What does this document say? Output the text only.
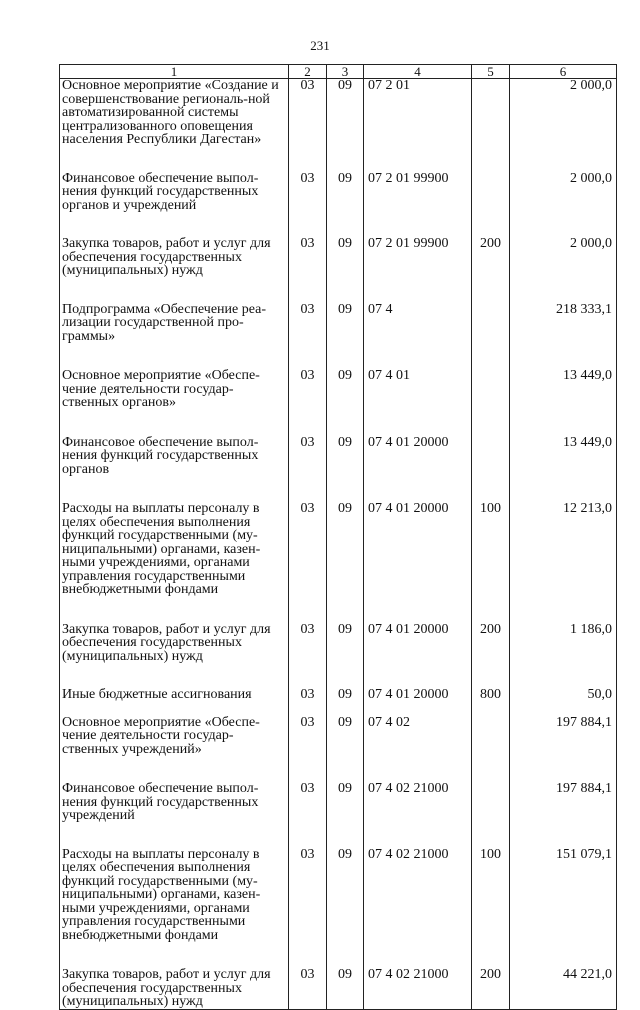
231
1	2	3	4	5	6
Основное мероприятие «Создание и совершенствование региональ-ной автоматизированной системы централизованного оповещения населения Республики Дагестан»	03	09	07 2 01		2 000,0
Финансовое обеспечение выпол-нения функций государственных органов и учреждений	03	09	07 2 01 99900		2 000,0
Закупка товаров, работ и услуг для обеспечения государственных (муниципальных) нужд	03	09	07 2 01 99900	200	2 000,0
Подпрограмма «Обеспечение реа-лизации государственной про-граммы»	03	09	07 4		218 333,1
Основное мероприятие «Обеспе-чение деятельности государ-ственных органов»	03	09	07 4 01		13 449,0
Финансовое обеспечение выпол-нения функций государственных органов	03	09	07 4 01 20000		13 449,0
Расходы на выплаты персоналу в целях обеспечения выполнения функций государственными (му-ниципальными) органами, казен-ными учреждениями, органами управления государственными внебюджетными фондами	03	09	07 4 01 20000	100	12 213,0
Закупка товаров, работ и услуг для обеспечения государственных (муниципальных) нужд	03	09	07 4 01 20000	200	1 186,0
Иные бюджетные ассигнования	03	09	07 4 01 20000	800	50,0
Основное мероприятие «Обеспе-чение деятельности государ-ственных учреждений»	03	09	07 4 02		197 884,1
Финансовое обеспечение выпол-нения функций государственных учреждений	03	09	07 4 02 21000		197 884,1
Расходы на выплаты персоналу в целях обеспечения выполнения функций государственными (му-ниципальными) органами, казен-ными учреждениями, органами управления государственными внебюджетными фондами	03	09	07 4 02 21000	100	151 079,1
Закупка товаров, работ и услуг для обеспечения государственных (муниципальных) нужд	03	09	07 4 02 21000	200	44 221,0
